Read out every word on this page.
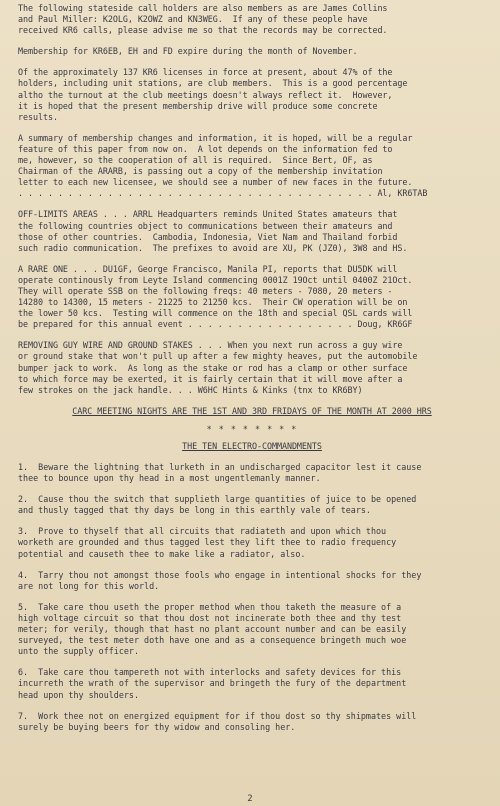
The following stateside call holders are also members as are James Collins
and Paul Miller: K2OLG, K2OWZ and KN3WEG.  If any of these people have
received KR6 calls, please advise me so that the records may be corrected.

Membership for KR6EB, EH and FD expire during the month of November.

Of the approximately 137 KR6 licenses in force at present, about 47% of the
holders, including unit stations, are club members.  This is a good percentage
altho the turnout at the club meetings doesn't always reflect it.  However,
it is hoped that the present membership drive will produce some concrete
results.

A summary of membership changes and information, it is hoped, will be a regular
feature of this paper from now on.  A lot depends on the information fed to
me, however, so the cooperation of all is required.  Since Bert, OF, as
Chairman of the ARARB, is passing out a copy of the membership invitation
letter to each new licensee, we should see a number of new faces in the future.
. . . . . . . . . . . . . . . . . . . . . . . . . . . . . . . . . . . . Al, KR6TAB

OFF-LIMITS AREAS . . . ARRL Headquarters reminds United States amateurs that
the following countries object to communications between their amateurs and
those of other countries.  Cambodia, Indonesia, Viet Nam and Thailand forbid
such radio communication.  The prefixes to avoid are XU, PK (JZ0), 3W8 and HS.

A RARE ONE . . . DU1GF, George Francisco, Manila PI, reports that DU5DK will
operate continously from Leyte Island commencing 0001Z 19Oct until 0400Z 21Oct.
They will operate SSB on the following freqs: 40 meters - 7080, 20 meters -
14280 to 14300, 15 meters - 21225 to 21250 kcs.  Their CW operation will be on
the lower 50 kcs.  Testing will commence on the 18th and special QSL cards will
be prepared for this annual event . . . . . . . . . . . . . . . . . Doug, KR6GF

REMOVING GUY WIRE AND GROUND STAKES . . . When you next run across a guy wire
or ground stake that won't pull up after a few mighty heaves, put the automobile
bumper jack to work.  As long as the stake or rod has a clamp or other surface
to which force may be exerted, it is fairly certain that it will move after a
few strokes on the jack handle. . . W6HC Hints & Kinks (tnx to KR6BY)

CARC MEETING NIGHTS ARE THE 1ST AND 3RD FRIDAYS OF THE MONTH AT 2000 HRS

* * * * * * * *

THE TEN ELECTRO-COMMANDMENTS

1.  Beware the lightning that lurketh in an undischarged capacitor lest it cause
thee to bounce upon thy head in a most ungentlemanly manner.

2.  Cause thou the switch that supplieth large quantities of juice to be opened
and thusly tagged that thy days be long in this earthly vale of tears.

3.  Prove to thyself that all circuits that radiateth and upon which thou
worketh are grounded and thus tagged lest they lift thee to radio frequency
potential and causeth thee to make like a radiator, also.

4.  Tarry thou not amongst those fools who engage in intentional shocks for they
are not long for this world.

5.  Take care thou useth the proper method when thou taketh the measure of a
high voltage circuit so that thou dost not incinerate both thee and thy test
meter; for verily, though that hast no plant account number and can be easily
surveyed, the test meter doth have one and as a consequence bringeth much woe
unto the supply officer.

6.  Take care thou tampereth not with interlocks and safety devices for this
incurreth the wrath of the supervisor and bringeth the fury of the department
head upon thy shoulders.

7.  Work thee not on energized equipment for if thou dost so thy shipmates will
surely be buying beers for thy widow and consoling her.

2
